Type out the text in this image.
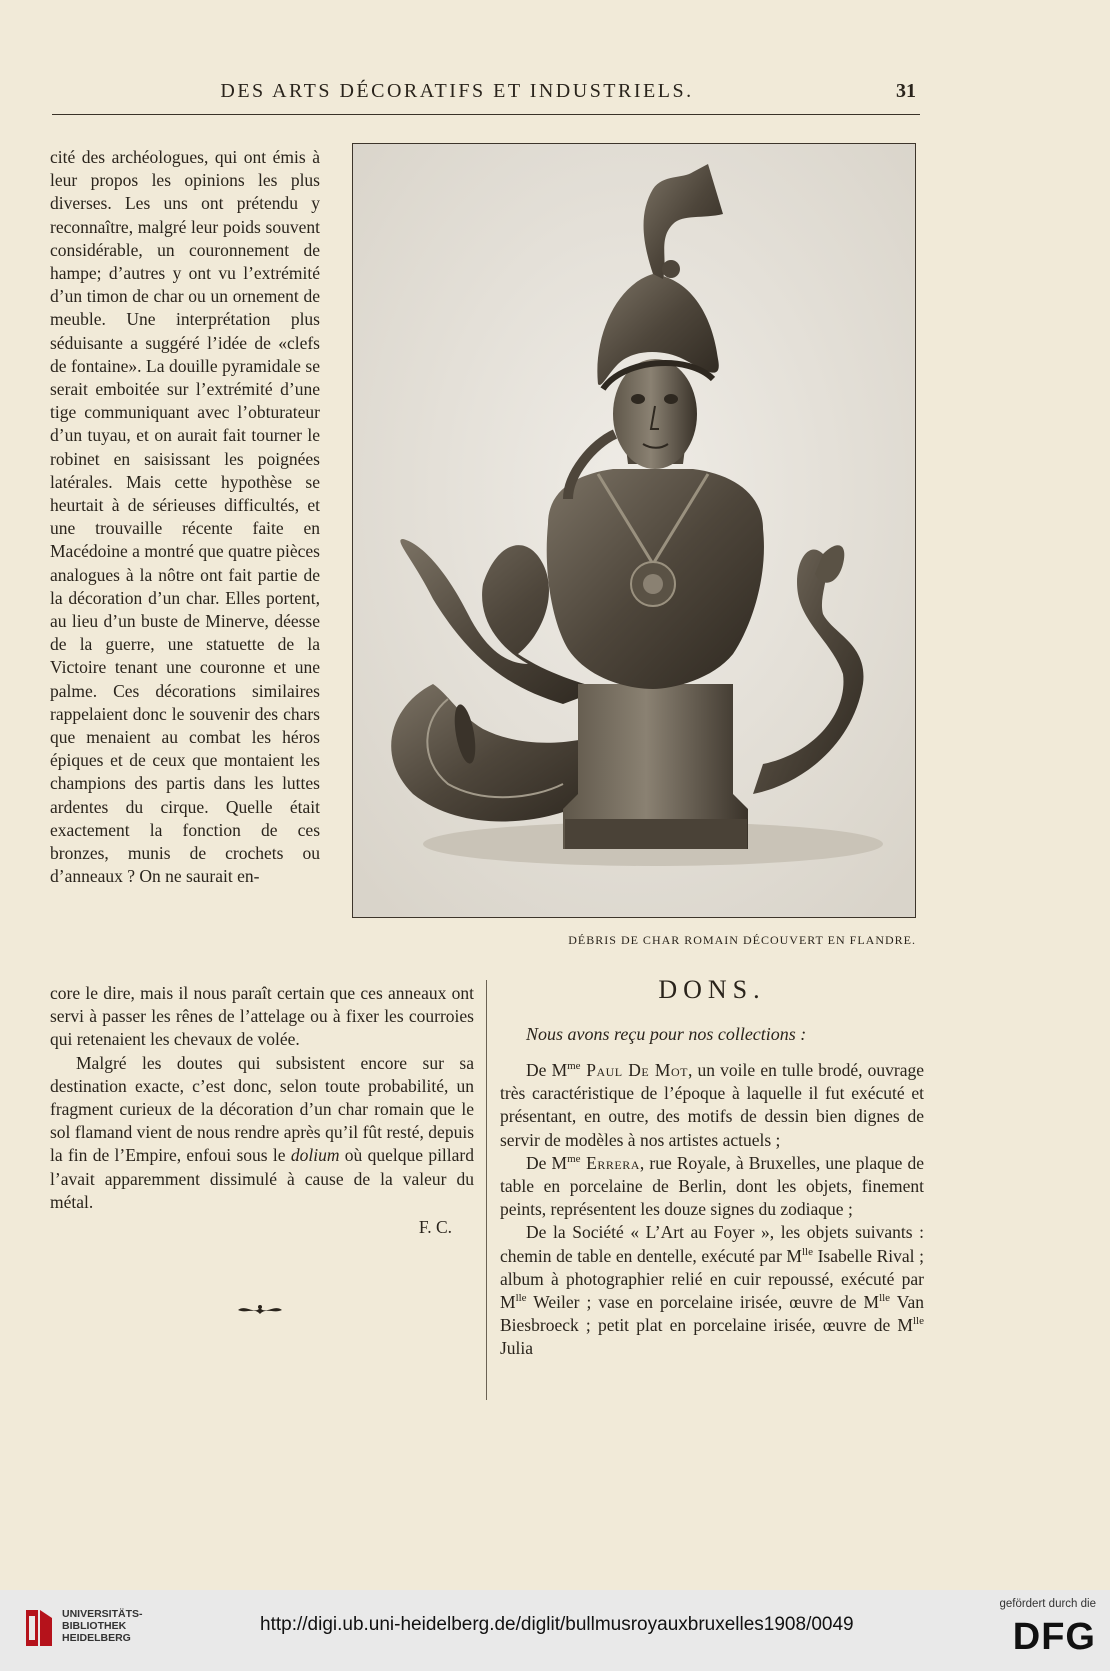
DES ARTS DÉCORATIFS ET INDUSTRIELS.	31

cité des archéologues, qui ont émis à leur propos les opinions les plus diverses. Les uns ont prétendu y reconnaître, malgré leur poids souvent considérable, un couronnement de hampe; d’autres y ont vu l’extrémité d’un timon de char ou un ornement de meuble. Une interprétation plus séduisante a suggéré l’idée de «clefs de fontaine». La douille pyramidale se serait emboitée sur l’extrémité d’une tige communiquant avec l’obturateur d’un tuyau, et on aurait fait tourner le robinet en saisissant les poignées latérales. Mais cette hypothèse se heurtait à de sérieuses difficultés, et une trouvaille récente faite en Macédoine a montré que quatre pièces analogues à la nôtre ont fait partie de la décoration d’un char. Elles portent, au lieu d’un buste de Minerve, déesse de la guerre, une statuette de la Victoire tenant une couronne et une palme. Ces décorations similaires rappelaient donc le souvenir des chars que menaient au combat les héros épiques et de ceux que montaient les champions des partis dans les luttes ardentes du cirque. Quelle était exactement la fonction de ces bronzes, munis de crochets ou d’anneaux ? On ne saurait en-

core le dire, mais il nous paraît certain que ces anneaux ont servi à passer les rênes de l’attelage ou à fixer les courroies qui retenaient les chevaux de volée.

Malgré les doutes qui subsistent encore sur sa destination exacte, c’est donc, selon toute probabilité, un fragment curieux de la décoration d’un char romain que le sol flamand vient de nous rendre après qu’il fût resté, depuis la fin de l’Empire, enfoui sous le dolium où quelque pillard l’avait apparemment dissimulé à cause de la valeur du métal.

F. C.

DÉBRIS DE CHAR ROMAIN DÉCOUVERT EN FLANDRE.
DONS.
Nous avons reçu pour nos collections :

De $M^{me}$ Paul De Mot, un voile en tulle brodé, ouvrage très caractéristique de l’époque à laquelle il fut exécuté et présentant, en outre, des motifs de dessin bien dignes de servir de modèles à nos artistes actuels ;

De $M^{me}$ Errera, rue Royale, à Bruxelles, une plaque de table en porcelaine de Berlin, dont les objets, finement peints, représentent les douze signes du zodiaque ;

De la Société « L’Art au Foyer », les objets suivants : chemin de table en dentelle, exécuté par $M^{lle}$ Isabelle Rival ; album à photographier relié en cuir repoussé, exécuté par $M^{lle}$ Weiler ; vase en porcelaine irisée, œuvre de $M^{lle}$ Van Biesbroeck ; petit plat en porcelaine irisée, œuvre de $M^{lle}$ Julia

UNIVERSITÄTS-
BIBLIOTHEK
HEIDELBERG
http://digi.ub.uni-heidelberg.de/diglit/bullmusroyauxbruxelles1908/0049
gefördert durch die
DFG
